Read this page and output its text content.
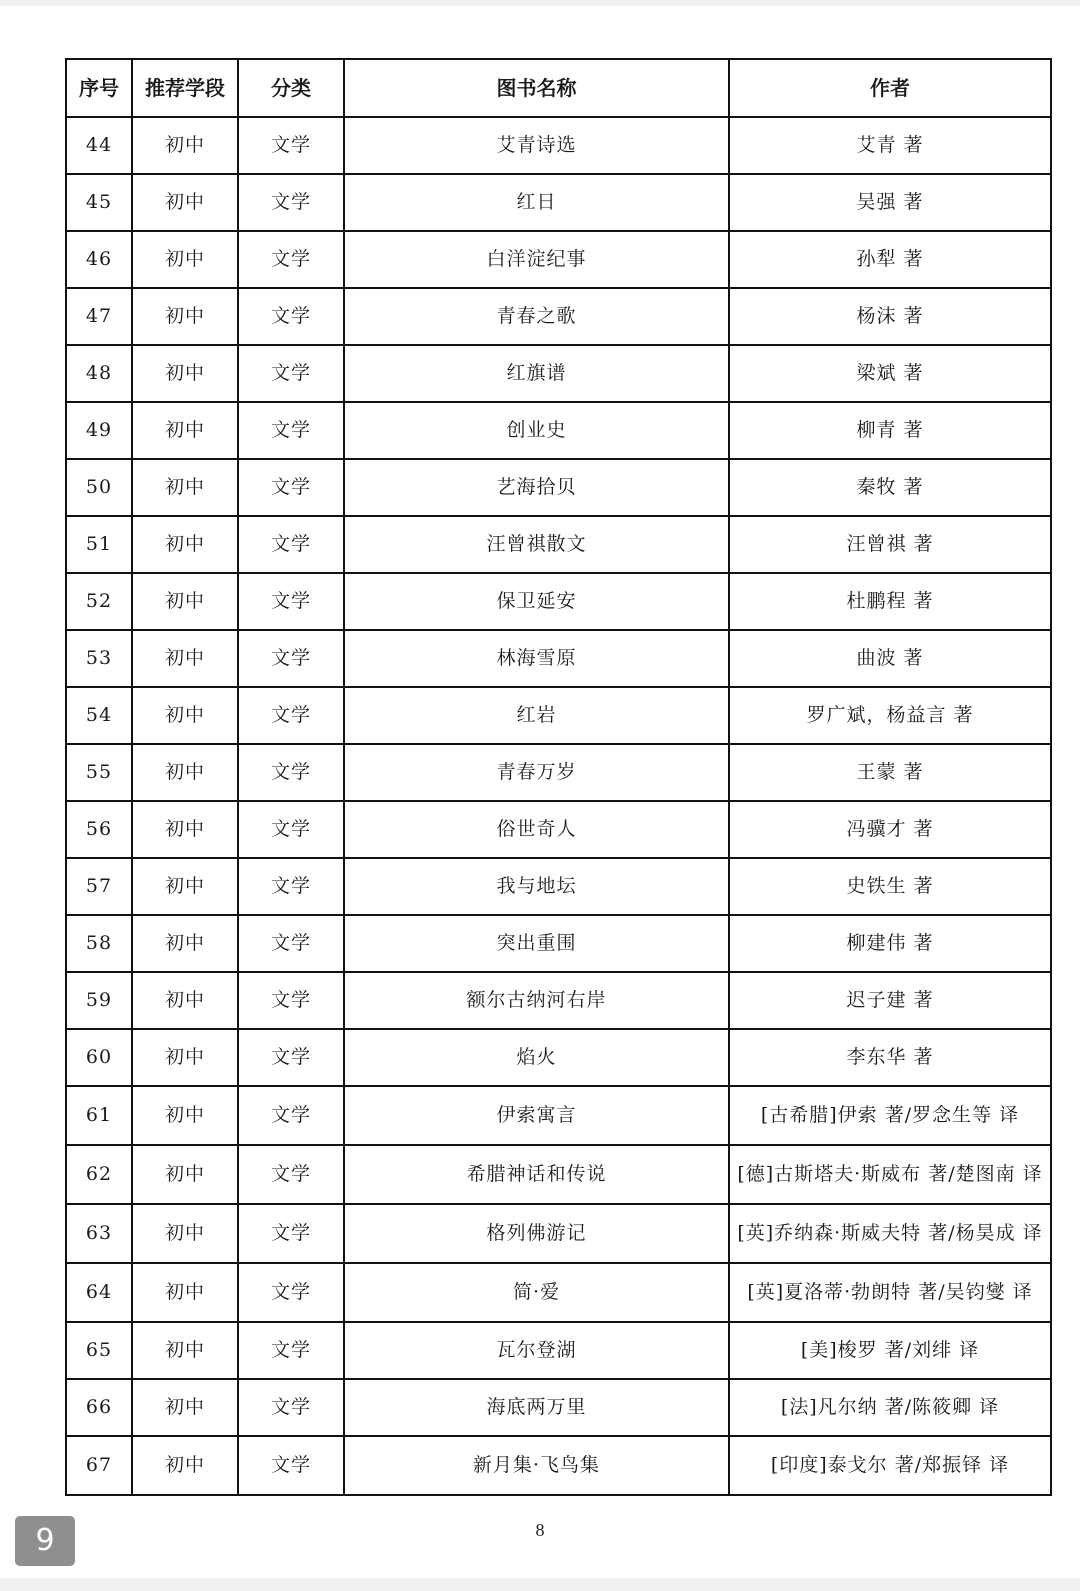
序号	推荐学段	分类	图书名称	作者
44	初中	文学	艾青诗选	艾青 著
45	初中	文学	红日	吴强 著
46	初中	文学	白洋淀纪事	孙犁 著
47	初中	文学	青春之歌	杨沫 著
48	初中	文学	红旗谱	梁斌 著
49	初中	文学	创业史	柳青 著
50	初中	文学	艺海拾贝	秦牧 著
51	初中	文学	汪曾祺散文	汪曾祺 著
52	初中	文学	保卫延安	杜鹏程 著
53	初中	文学	林海雪原	曲波 著
54	初中	文学	红岩	罗广斌，杨益言 著
55	初中	文学	青春万岁	王蒙 著
56	初中	文学	俗世奇人	冯骥才 著
57	初中	文学	我与地坛	史铁生 著
58	初中	文学	突出重围	柳建伟 著
59	初中	文学	额尔古纳河右岸	迟子建 著
60	初中	文学	焰火	李东华 著
61	初中	文学	伊索寓言	[古希腊]伊索 著/罗念生等 译
62	初中	文学	希腊神话和传说	[德]古斯塔夫·斯威布 著/楚图南 译
63	初中	文学	格列佛游记	[英]乔纳森·斯威夫特 著/杨昊成 译
64	初中	文学	简·爱	[英]夏洛蒂·勃朗特 著/吴钧燮 译
65	初中	文学	瓦尔登湖	[美]梭罗 著/刘绯 译
66	初中	文学	海底两万里	[法]凡尔纳 著/陈筱卿 译
67	初中	文学	新月集·飞鸟集	[印度]泰戈尔 著/郑振铎 译
8
9
